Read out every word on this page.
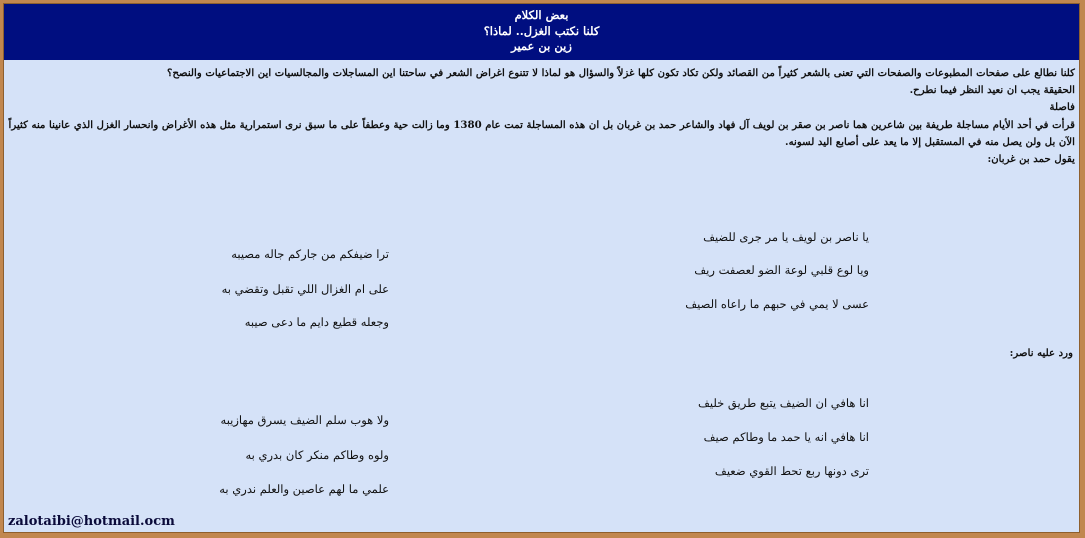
بعض الكلام
كلنا نكتب الغزل.. لماذا؟
زين بن عمير

كلنا نطالع على صفحات المطبوعات والصفحات التي تعنى بالشعر كثيراً من القصائد ولكن تكاد تكون كلها غزلاً والسؤال هو لماذا لا تتنوع اغراض الشعر في ساحتنا اين المساجلات والمجالسيات اين الاجتماعيات والنصح؟

الحقيقة يجب ان نعيد النظر فيما نطرح.

فاصلة

قرأت في أحد الأيام مساجلة طريفة بين شاعرين هما ناصر بن صقر بن لويف آل فهاد والشاعر حمد بن غربان بل ان هذه المساجلة تمت عام 1380 وما زالت حية وعطفاً على ما سبق نرى استمرارية مثل هذه الأغراض وانحسار الغزل الذي عانينا منه كثيراً الآن بل ولن يصل منه في المستقبل إلا ما يعد على أصابع اليد لسونه.

يقول حمد بن غربان:

يا ناصر بن لويف يا مر جرى للضيف
ويا لوع قلبي لوعة الضو لعصفت ريف
عسى لا يمي في حبهم ما راعاه الصيف
ترا ضيفكم من جاركم جاله مصيبه
على ام الغزال اللي تقبل وتقضي به
وجعله قطيع دايم ما دعى صيبه
ورد عليه ناصر:
انا هافي ان الضيف يتبع طريق خليف
انا هافي انه يا حمد ما وطاكم صيف
ترى دونها ربع تحط القوي ضعيف
ولا هوب سلم الضيف يسرق مهازيبه
ولوه وطاكم منكر كان بدري به
علمي ما لهم عاصين والعلم ندري به
zalotaibi@hotmail.ocm
